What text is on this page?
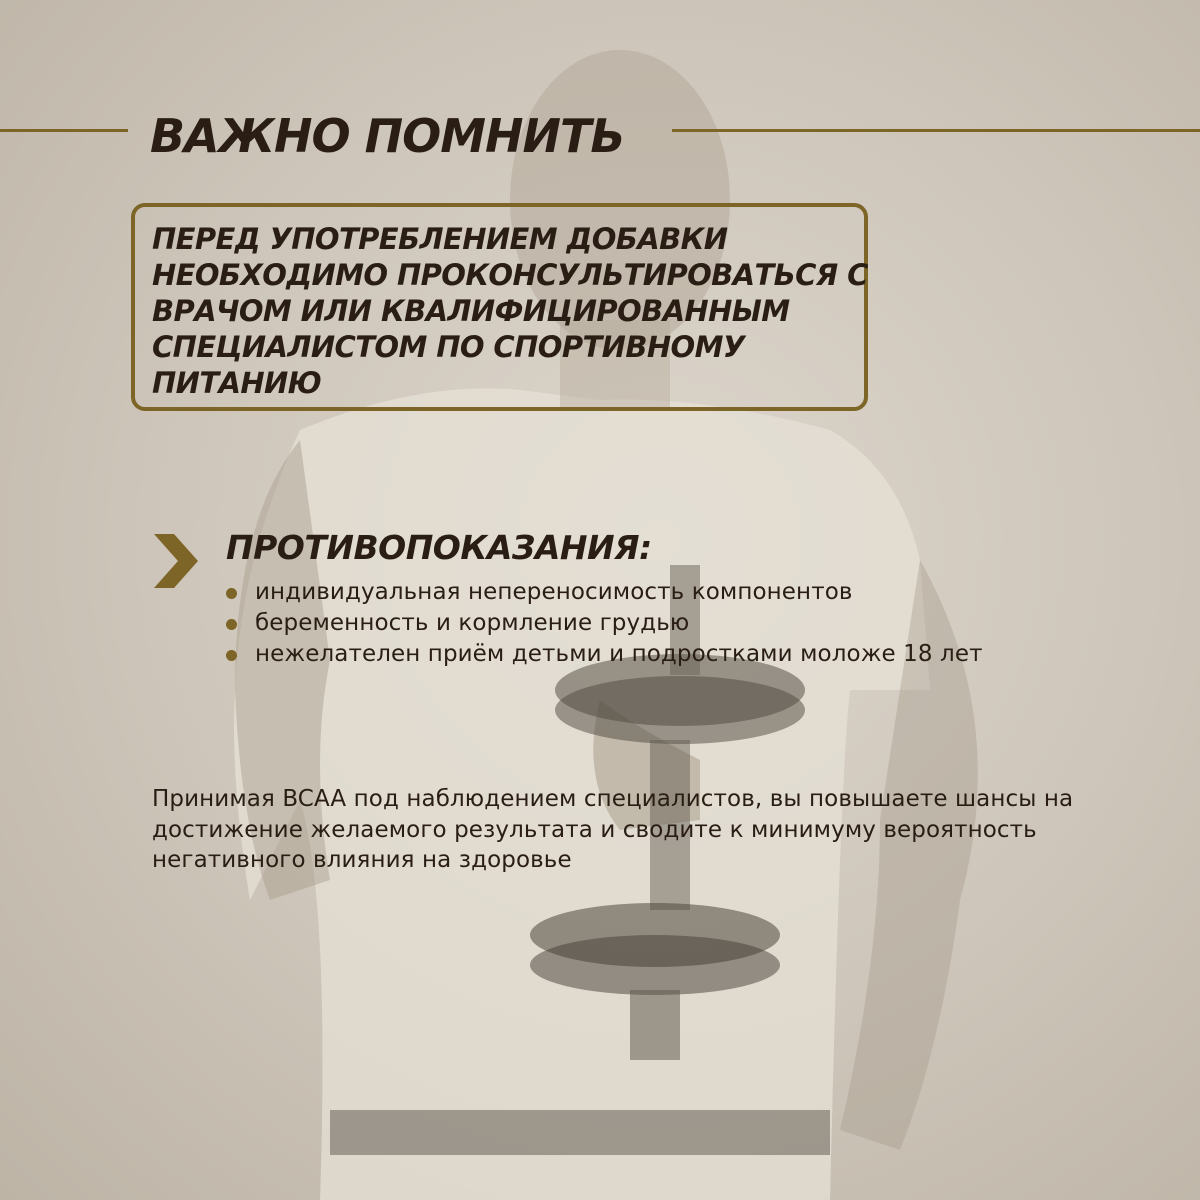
ВАЖНО ПОМНИТЬ

ПЕРЕД УПОТРЕБЛЕНИЕМ ДОБАВКИ НЕОБХОДИМО ПРОКОНСУЛЬТИРОВАТЬСЯ С ВРАЧОМ ИЛИ КВАЛИФИЦИРОВАННЫМ СПЕЦИАЛИСТОМ ПО СПОРТИВНОМУ ПИТАНИЮ

ПРОТИВОПОКАЗАНИЯ:
индивидуальная непереносимость компонентов
беременность и кормление грудью
нежелателен приём детьми и подростками моложе 18 лет

Принимая BCAA под наблюдением специалистов, вы повышаете шансы на достижение желаемого результата и сводите к минимуму вероятность негативного влияния на здоровье
